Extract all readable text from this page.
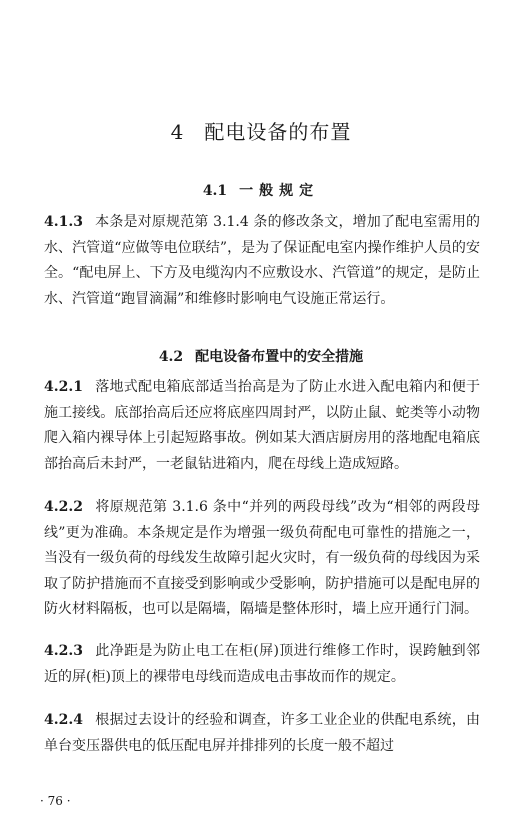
4 配电设备的布置
4.1 一般规定
4.1.3 本条是对原规范第 3.1.4 条的修改条文，增加了配电室需用的水、汽管道“应做等电位联结”，是为了保证配电室内操作维护人员的安全。“配电屏上、下方及电缆沟内不应敷设水、汽管道”的规定，是防止水、汽管道“跑冒滴漏”和维修时影响电气设施正常运行。
4.2 配电设备布置中的安全措施
4.2.1 落地式配电箱底部适当抬高是为了防止水进入配电箱内和便于施工接线。底部抬高后还应将底座四周封严，以防止鼠、蛇类等小动物爬入箱内裸导体上引起短路事故。例如某大酒店厨房用的落地配电箱底部抬高后未封严，一老鼠钻进箱内，爬在母线上造成短路。
4.2.2 将原规范第 3.1.6 条中“并列的两段母线”改为“相邻的两段母线”更为准确。本条规定是作为增强一级负荷配电可靠性的措施之一，当没有一级负荷的母线发生故障引起火灾时，有一级负荷的母线因为采取了防护措施而不直接受到影响或少受影响，防护措施可以是配电屏的防火材料隔板，也可以是隔墙，隔墙是整体形时，墙上应开通行门洞。
4.2.3 此净距是为防止电工在柜(屏)顶进行维修工作时，误跨触到邻近的屏(柜)顶上的裸带电母线而造成电击事故而作的规定。
4.2.4 根据过去设计的经验和调查，许多工业企业的供配电系统，由单台变压器供电的低压配电屏并排排列的长度一般不超过
· 76 ·
